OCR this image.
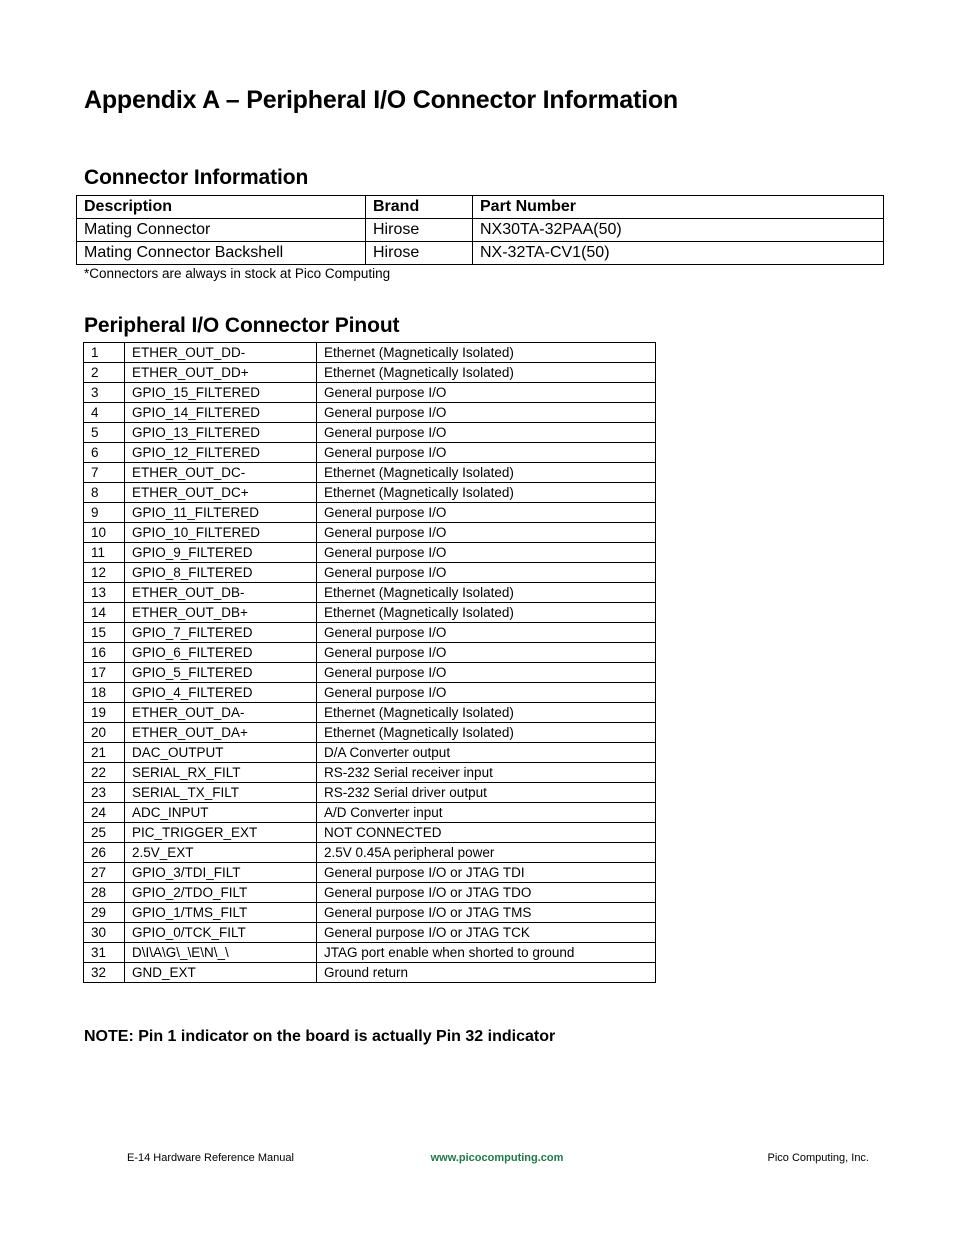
Appendix A – Peripheral I/O Connector Information
Connector Information
Description	Brand	Part Number
Mating Connector	Hirose	NX30TA-32PAA(50)
Mating Connector Backshell	Hirose	NX-32TA-CV1(50)

*Connectors are always in stock at Pico Computing

Peripheral I/O Connector Pinout
1	ETHER_OUT_DD-	Ethernet (Magnetically Isolated)
2	ETHER_OUT_DD+	Ethernet (Magnetically Isolated)
3	GPIO_15_FILTERED	General purpose I/O
4	GPIO_14_FILTERED	General purpose I/O
5	GPIO_13_FILTERED	General purpose I/O
6	GPIO_12_FILTERED	General purpose I/O
7	ETHER_OUT_DC-	Ethernet (Magnetically Isolated)
8	ETHER_OUT_DC+	Ethernet (Magnetically Isolated)
9	GPIO_11_FILTERED	General purpose I/O
10	GPIO_10_FILTERED	General purpose I/O
11	GPIO_9_FILTERED	General purpose I/O
12	GPIO_8_FILTERED	General purpose I/O
13	ETHER_OUT_DB-	Ethernet (Magnetically Isolated)
14	ETHER_OUT_DB+	Ethernet (Magnetically Isolated)
15	GPIO_7_FILTERED	General purpose I/O
16	GPIO_6_FILTERED	General purpose I/O
17	GPIO_5_FILTERED	General purpose I/O
18	GPIO_4_FILTERED	General purpose I/O
19	ETHER_OUT_DA-	Ethernet (Magnetically Isolated)
20	ETHER_OUT_DA+	Ethernet (Magnetically Isolated)
21	DAC_OUTPUT	D/A Converter output
22	SERIAL_RX_FILT	RS-232 Serial receiver input
23	SERIAL_TX_FILT	RS-232 Serial driver output
24	ADC_INPUT	A/D Converter input
25	PIC_TRIGGER_EXT	NOT CONNECTED
26	2.5V_EXT	2.5V 0.45A peripheral power
27	GPIO_3/TDI_FILT	General purpose I/O or JTAG TDI
28	GPIO_2/TDO_FILT	General purpose I/O or JTAG TDO
29	GPIO_1/TMS_FILT	General purpose I/O or JTAG TMS
30	GPIO_0/TCK_FILT	General purpose I/O or JTAG TCK
31	D\I\A\G\_\E\N\_\	JTAG port enable when shorted to ground
32	GND_EXT	Ground return

NOTE: Pin 1 indicator on the board is actually Pin 32 indicator

E-14 Hardware Reference Manual	www.picocomputing.com	Pico Computing, Inc.
